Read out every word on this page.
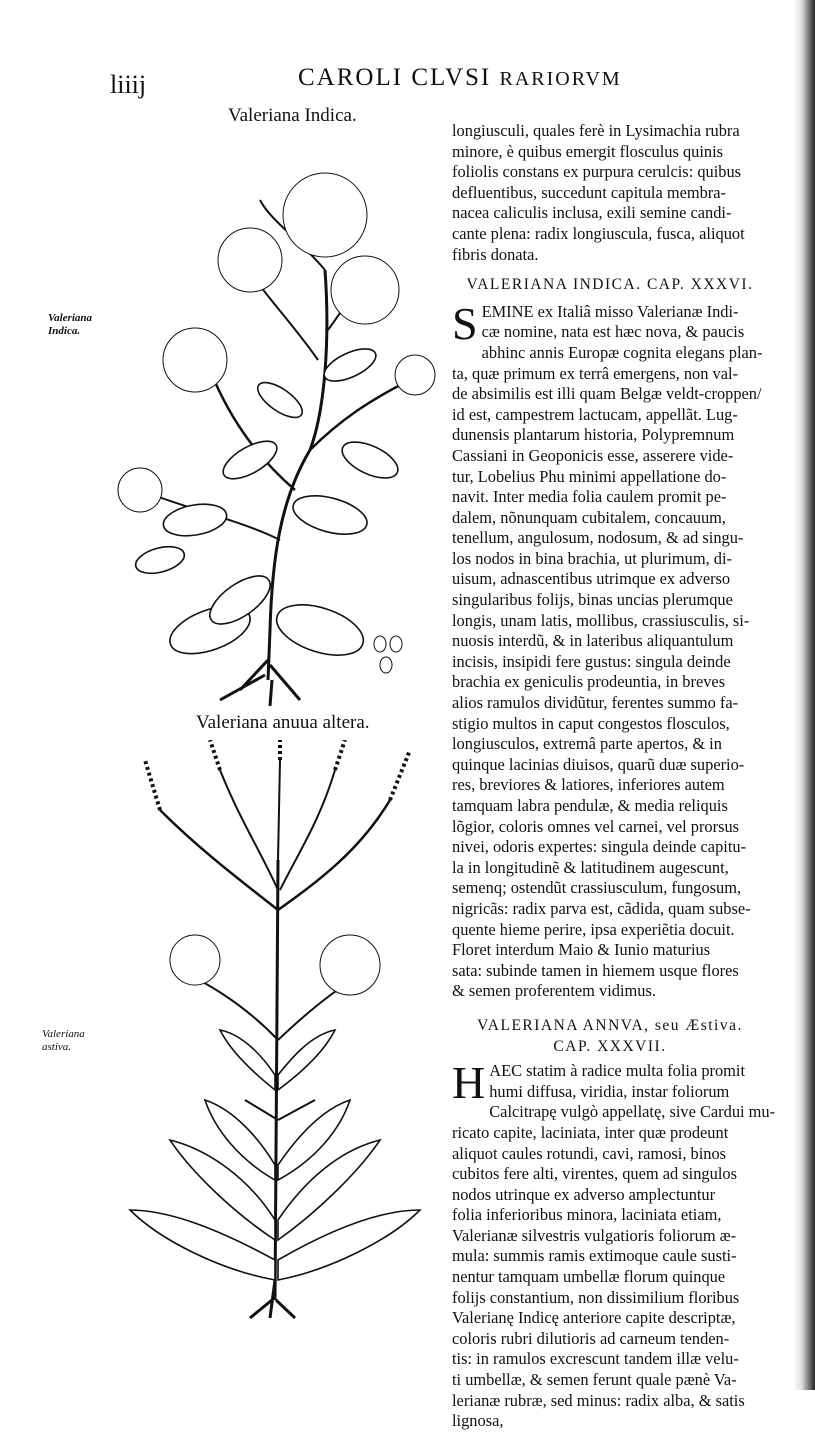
liiij	CAROLI CLVSI RARIORVM
Valeriana Indica.
Valeriana anuua altera.
Valeriana
Indica.
Valeriana
astiva.

longiusculi, quales ferè in Lysimachia rubra
minore, è quibus emergit flosculus quinis
foliolis constans ex purpura cerulcis: quibus
defluentibus, succedunt capitula membra-
nacea caliculis inclusa, exili semine candi-
cante plena: radix longiuscula, fusca, aliquot
fibris donata.

VALERIANA INDICA. CAP. XXXVI.

S EMINE ex Italiâ misso Valerianæ Indi-
cæ nomine, nata est hæc nova, & paucis
abhinc annis Europæ cognita elegans plan-
ta, quæ primum ex terrâ emergens, non val-
de absimilis est illi quam Belgæ veldt-croppen/
id est, campestrem lactucam, appellãt. Lug-
dunensis plantarum historia, Polypremnum
Cassiani in Geoponicis esse, asserere vide-
tur, Lobelius Phu minimi appellatione do-
navit. Inter media folia caulem promit pe-
dalem, nõnunquam cubitalem, concauum,
tenellum, angulosum, nodosum, & ad singu-
los nodos in bina brachia, ut plurimum, di-
uisum, adnascentibus utrimque ex adverso
singularibus folijs, binas uncias plerumque
longis, unam latis, mollibus, crassiusculis, si-
nuosis interdũ, & in lateribus aliquantulum
incisis, insipidi fere gustus: singula deinde
brachia ex geniculis prodeuntia, in breves
alios ramulos dividũtur, ferentes summo fa-
stigio multos in caput congestos flosculos,
longiusculos, extremâ parte apertos, & in
quinque lacinias diuisos, quarũ duæ superio-
res, breviores & latiores, inferiores autem
tamquam labra pendulæ, & media reliquis
lõgior, coloris omnes vel carnei, vel prorsus
nivei, odoris expertes: singula deinde capitu-
la in longitudinẽ & latitudinem augescunt,
semenq; ostendũt crassiusculum, fungosum,
nigricãs: radix parva est, cãdida, quam subse-
quente hieme perire, ipsa experiẽtia docuit.
Floret interdum Maio & Iunio maturius
sata: subinde tamen in hiemem usque flores
& semen proferentem vidimus.

VALERIANA ANNVA, seu Æstiva.
CAP. XXXVII.

H AEC statim à radice multa folia promit
humi diffusa, viridia, instar foliorum
Calcitrapę vulgò appellatę, sive Cardui mu-
ricato capite, laciniata, inter quæ prodeunt
aliquot caules rotundi, cavi, ramosi, binos
cubitos fere alti, virentes, quem ad singulos
nodos utrinque ex adverso amplectuntur
folia inferioribus minora, laciniata etiam,
Valerianæ silvestris vulgatioris foliorum æ-
mula: summis ramis extimoque caule susti-
nentur tamquam umbellæ florum quinque
folijs constantium, non dissimilium floribus
Valerianę Indicę anteriore capite descriptæ,
coloris rubri dilutioris ad carneum tenden-
tis: in ramulos excrescunt tandem illæ velu-
ti umbellæ, & semen ferunt quale pænè Va-
lerianæ rubræ, sed minus: radix alba, & satis
lignosa,
